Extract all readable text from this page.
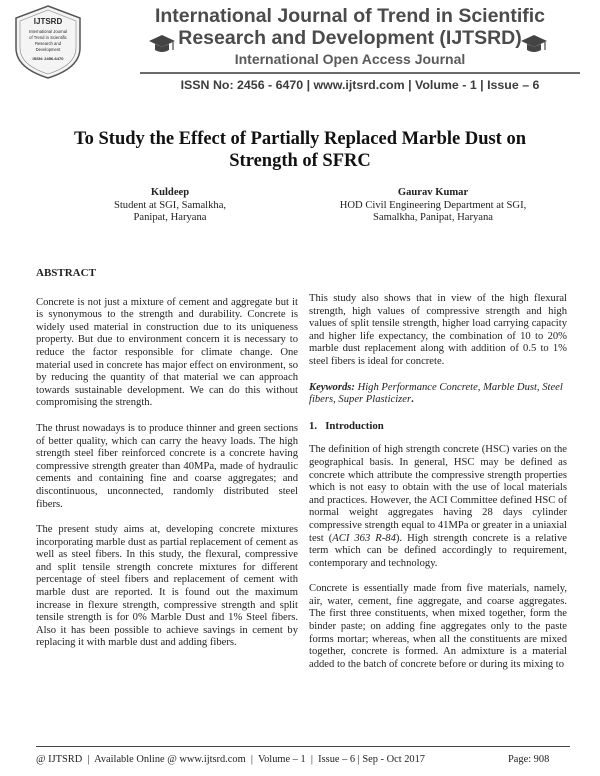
IJTSRD
International Journal
of Trend in Scientific
Research and
Development
ISSN: 2456-6470
International Journal of Trend in Scientific
Research and Development (IJTSRD)
International Open Access Journal
ISSN No: 2456 - 6470 | www.ijtsrd.com | Volume - 1 | Issue – 6
To Study the Effect of Partially Replaced Marble Dust on
Strength of SFRC
Kuldeep
Student at SGI, Samalkha,
Panipat, Haryana
Gaurav Kumar
HOD Civil Engineering Department at SGI,
Samalkha, Panipat, Haryana
ABSTRACT

Concrete is not just a mixture of cement and aggregate but it is synonymous to the strength and durability. Concrete is widely used material in construction due to its uniqueness property. But due to environment concern it is necessary to reduce the factor responsible for climate change. One material used in concrete has major effect on environment, so by reducing the quantity of that material we can approach towards sustainable development. We can do this without compromising the strength.

The thrust nowadays is to produce thinner and green sections of better quality, which can carry the heavy loads. The high strength steel fiber reinforced concrete is a concrete having compressive strength greater than 40MPa, made of hydraulic cements and containing fine and coarse aggregates; and discontinuous, unconnected, randomly distributed steel fibers.

The present study aims at, developing concrete mixtures incorporating marble dust as partial replacement of cement as well as steel fibers. In this study, the flexural, compressive and split tensile strength concrete mixtures for different percentage of steel fibers and replacement of cement with marble dust are reported. It is found out the maximum increase in flexure strength, compressive strength and split tensile strength is for 0% Marble Dust and 1% Steel fibers. Also it has been possible to achieve savings in cement by replacing it with marble dust and adding fibers.

This study also shows that in view of the high flexural strength, high values of compressive strength and high values of split tensile strength, higher load carrying capacity and higher life expectancy, the combination of 10 to 20% marble dust replacement along with addition of 0.5 to 1% steel fibers is ideal for concrete.

Keywords: High Performance Concrete, Marble Dust, Steel fibers, Super Plasticizer.

1.   Introduction

The definition of high strength concrete (HSC) varies on the geographical basis. In general, HSC may be defined as concrete which attribute the compressive strength properties which is not easy to obtain with the use of local materials and practices. However, the ACI Committee defined HSC of normal weight aggregates having 28 days cylinder compressive strength equal to 41MPa or greater in a uniaxial test (ACI 363 R-84). High strength concrete is a relative term which can be defined accordingly to requirement, contemporary and technology.

Concrete is essentially made from five materials, namely, air, water, cement, fine aggregate, and coarse aggregates. The first three constituents, when mixed together, form the binder paste; on adding fine aggregates only to the paste forms mortar; whereas, when all the constituents are mixed together, concrete is formed. An admixture is a material added to the batch of concrete before or during its mixing to

@ IJTSRD  |  Available Online @ www.ijtsrd.com  |  Volume – 1  |  Issue – 6 | Sep - Oct 2017	Page: 908
